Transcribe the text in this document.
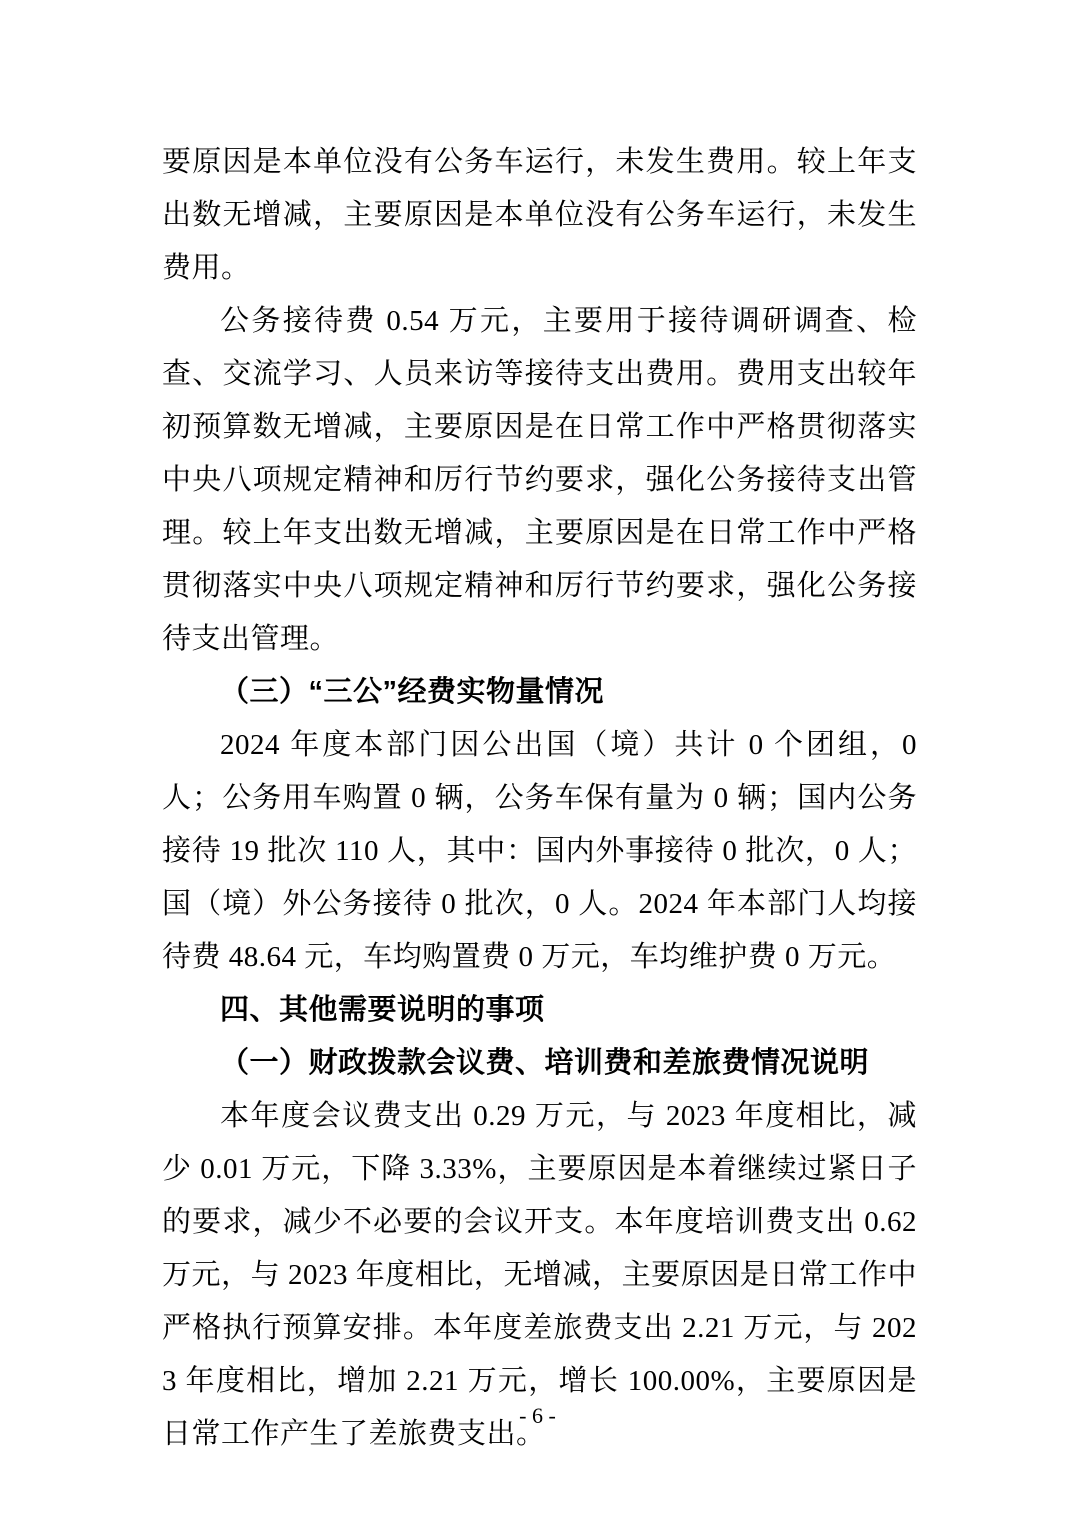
要原因是本单位没有公务车运行，未发生费用。较上年支出数无增减，主要原因是本单位没有公务车运行，未发生费用。

公务接待费 0.54 万元，主要用于接待调研调查、检查、交流学习、人员来访等接待支出费用。费用支出较年初预算数无增减，主要原因是在日常工作中严格贯彻落实中央八项规定精神和厉行节约要求，强化公务接待支出管理。较上年支出数无增减，主要原因是在日常工作中严格贯彻落实中央八项规定精神和厉行节约要求，强化公务接待支出管理。

（三）“三公”经费实物量情况

2024 年度本部门因公出国（境）共计 0 个团组，0 人；公务用车购置 0 辆，公务车保有量为 0 辆；国内公务接待 19 批次 110 人，其中：国内外事接待 0 批次，0 人；国（境）外公务接待 0 批次，0 人。2024 年本部门人均接待费 48.64 元，车均购置费 0 万元，车均维护费 0 万元。

四、其他需要说明的事项
（一）财政拨款会议费、培训费和差旅费情况说明

本年度会议费支出 0.29 万元，与 2023 年度相比，减少 0.01 万元，下降 3.33%，主要原因是本着继续过紧日子的要求，减少不必要的会议开支。本年度培训费支出 0.62 万元，与 2023 年度相比，无增减，主要原因是日常工作中严格执行预算安排。本年度差旅费支出 2.21 万元，与 2023 年度相比，增加 2.21 万元，增长 100.00%，主要原因是日常工作产生了差旅费支出。

- 6 -
